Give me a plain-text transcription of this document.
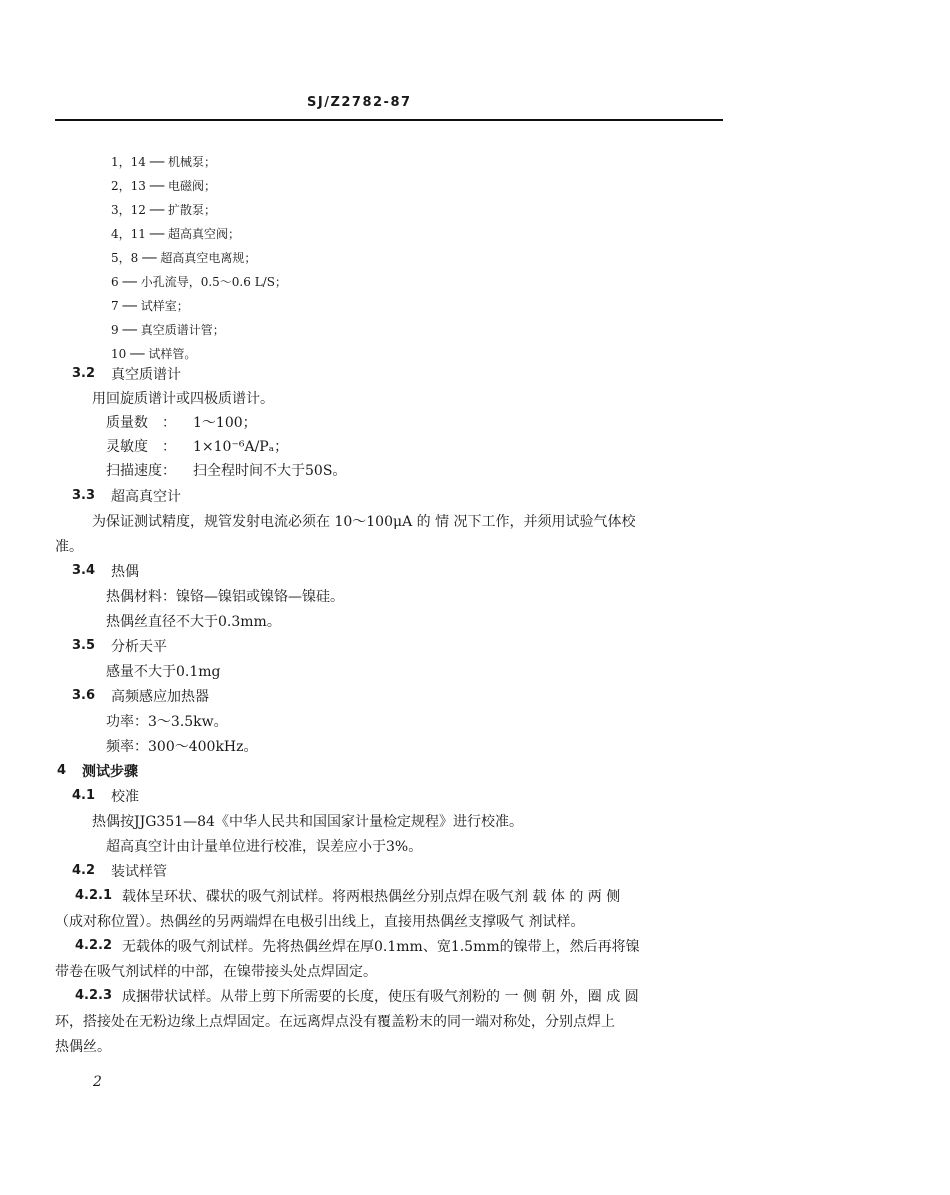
SJ/Z2782-87
1，14 ── 机械泵；
2，13 ── 电磁阀；
3，12 ── 扩散泵；
4，11 ── 超高真空阀；
5，8 ── 超高真空电离规；
6 ── 小孔流导，0.5～0.6 L/S；
7 ── 试样室；
9 ── 真空质谱计管；
10 ── 试样管。
3.2 真空质谱计
用回旋质谱计或四极质谱计。
质量数　： 1～100；
灵敏度　： 1×10⁻⁶A/Pₐ；
扫描速度： 扫全程时间不大于50S。
3.3 超高真空计
为保证测试精度，规管发射电流必须在 10～100μA 的 情 况下工作，并须用试验气体校
准。
3.4 热偶
热偶材料：镍铬—镍铝或镍铬—镍硅。
热偶丝直径不大于0.3mm。
3.5 分析天平
感量不大于0.1mg
3.6 高频感应加热器
功率：3～3.5kw。
频率：300～400kHz。
4 测试步骤
4.1 校准
热偶按JJG351—84《中华人民共和国国家计量检定规程》进行校准。
超高真空计由计量单位进行校准，误差应小于3%。
4.2 装试样管
4.2.1 载体呈环状、碟状的吸气剂试样。将两根热偶丝分别点焊在吸气剂 载 体 的 两 侧
（成对称位置）。热偶丝的另两端焊在电极引出线上，直接用热偶丝支撑吸气 剂试样。
4.2.2 无载体的吸气剂试样。先将热偶丝焊在厚0.1mm、宽1.5mm的镍带上，然后再将镍
带卷在吸气剂试样的中部，在镍带接头处点焊固定。
4.2.3 成捆带状试样。从带上剪下所需要的长度，使压有吸气剂粉的 一 侧 朝 外，圈 成 圆
环，搭接处在无粉边缘上点焊固定。在远离焊点没有覆盖粉末的同一端对称处，分别点焊上
热偶丝。
2
